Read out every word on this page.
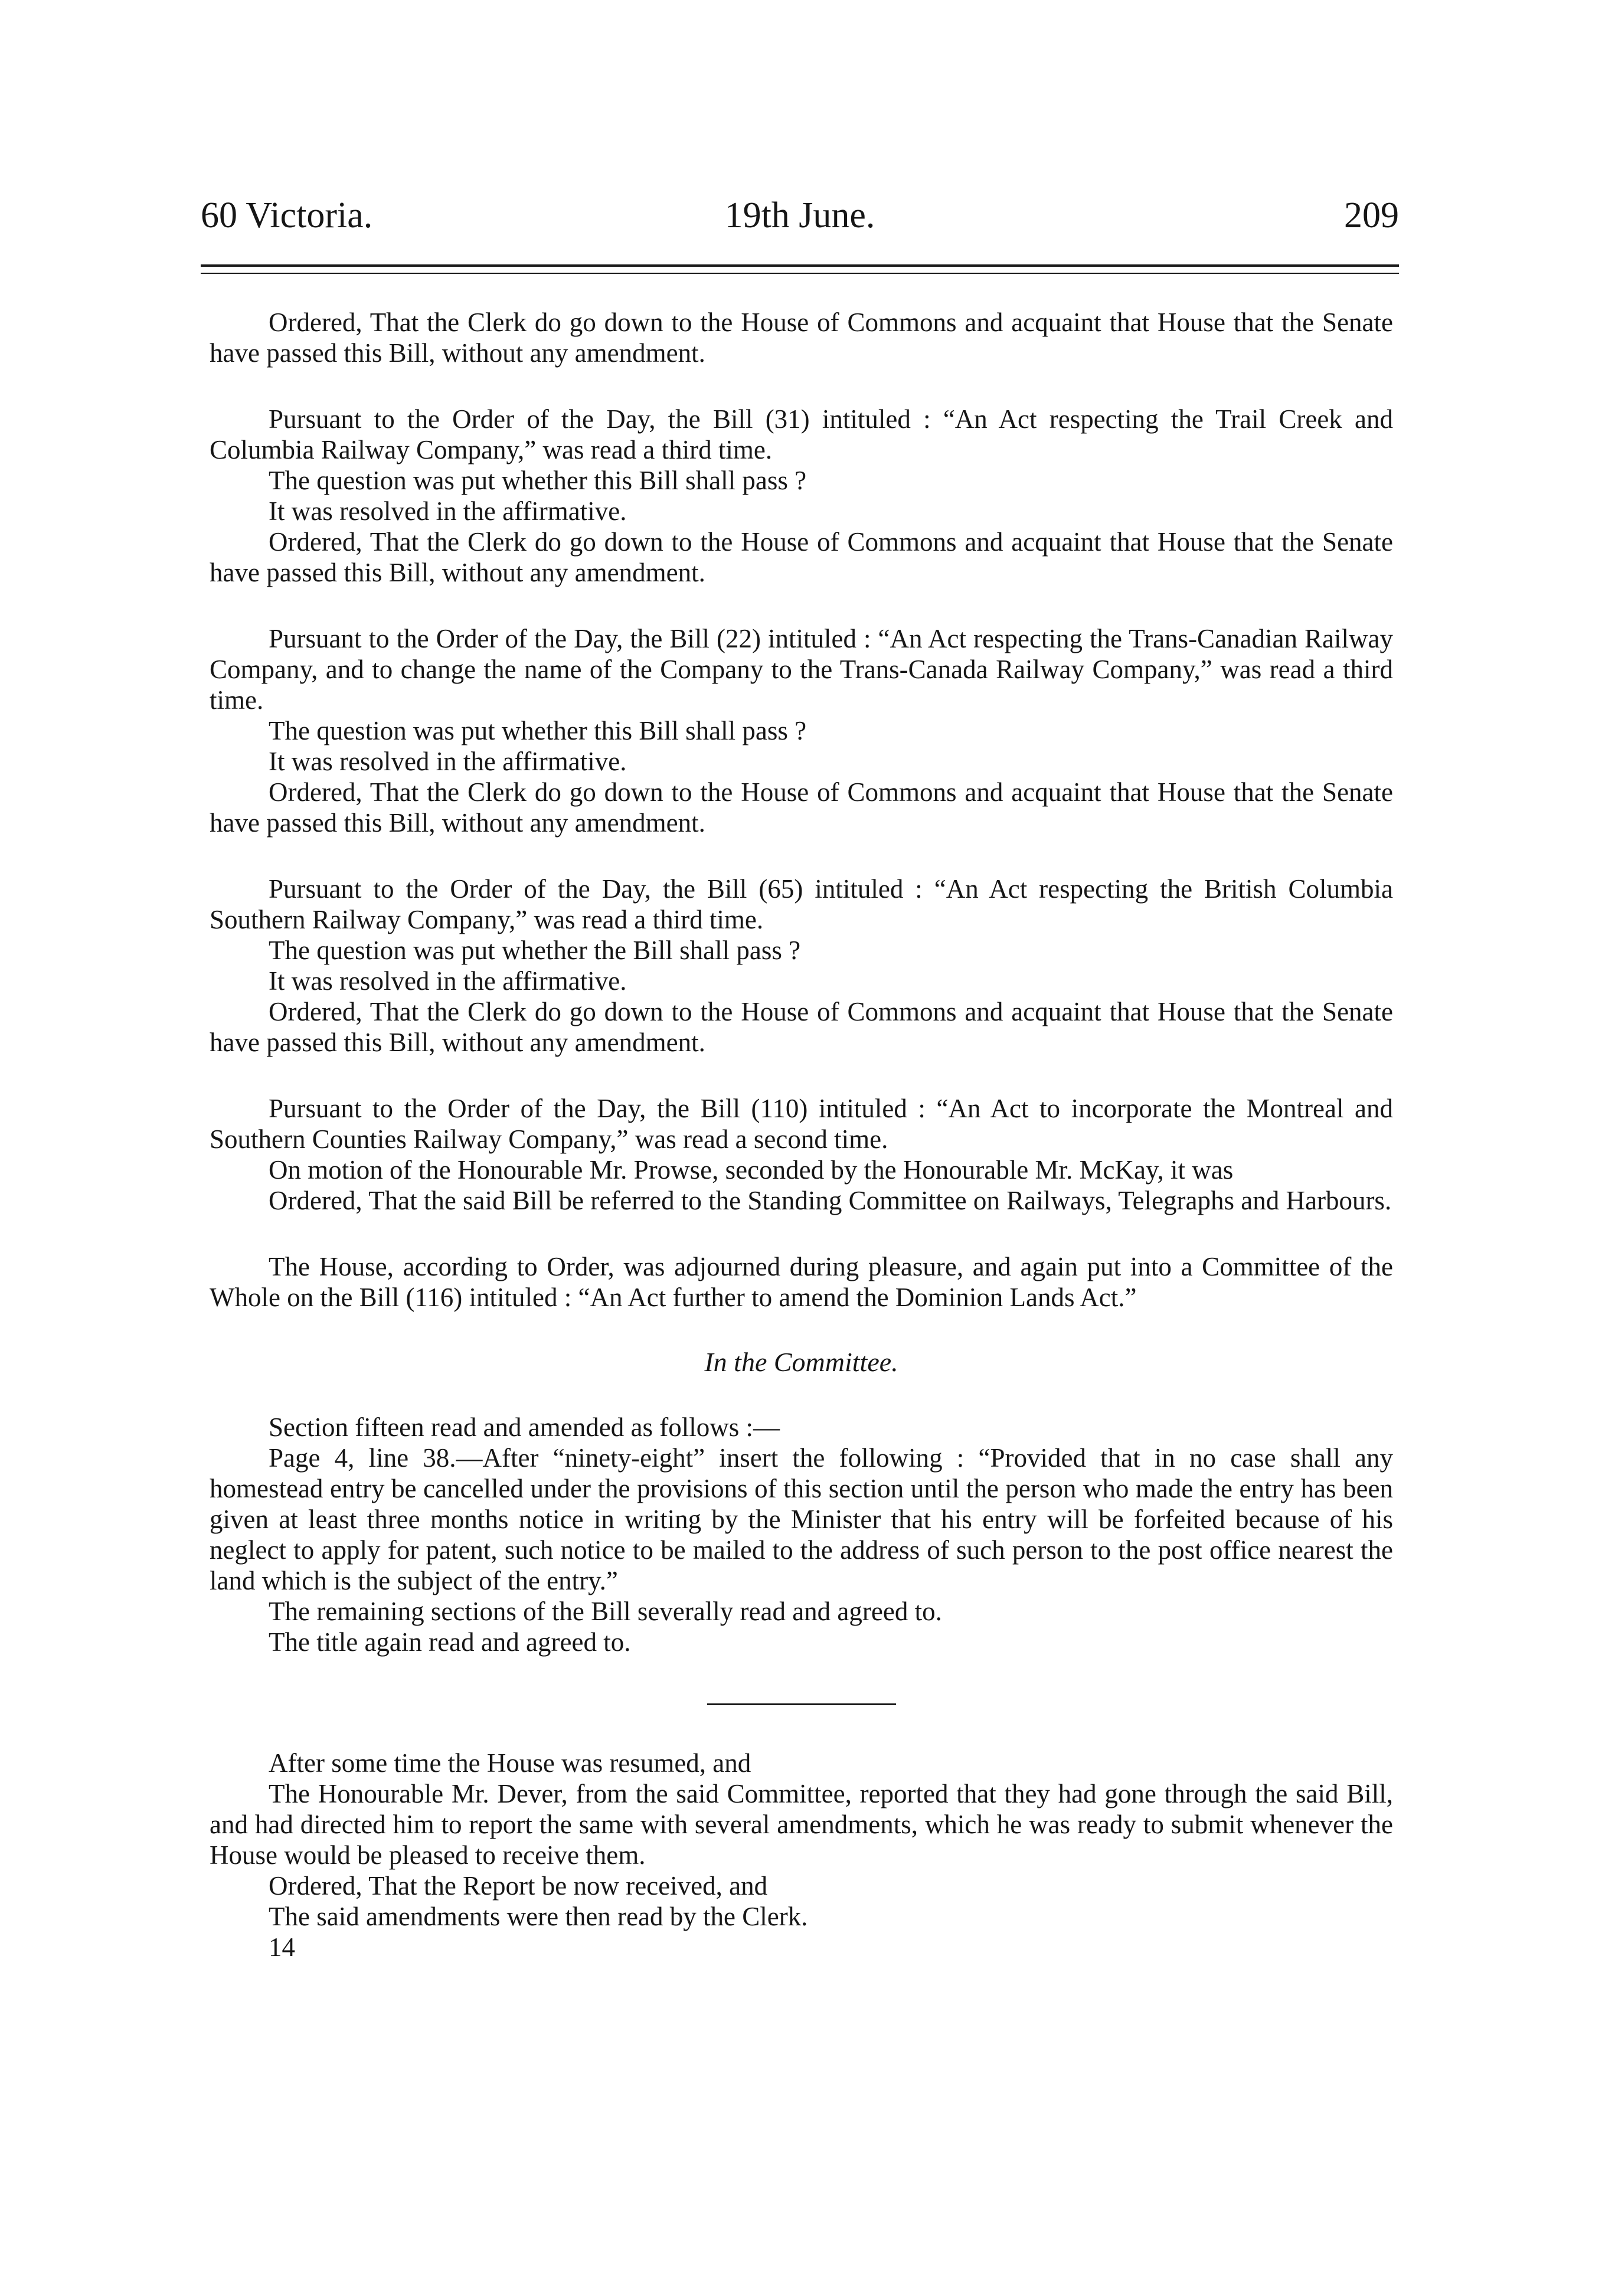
60 Victoria.	19th June.	209

Ordered, That the Clerk do go down to the House of Commons and acquaint that House that the Senate have passed this Bill, without any amendment.

Pursuant to the Order of the Day, the Bill (31) intituled : “An Act respecting the Trail Creek and Columbia Railway Company,” was read a third time.

The question was put whether this Bill shall pass ?

It was resolved in the affirmative.

Ordered, That the Clerk do go down to the House of Commons and acquaint that House that the Senate have passed this Bill, without any amendment.

Pursuant to the Order of the Day, the Bill (22) intituled : “An Act respecting the Trans-Canadian Railway Company, and to change the name of the Company to the Trans-Canada Railway Company,” was read a third time.

The question was put whether this Bill shall pass ?

It was resolved in the affirmative.

Ordered, That the Clerk do go down to the House of Commons and acquaint that House that the Senate have passed this Bill, without any amendment.

Pursuant to the Order of the Day, the Bill (65) intituled : “An Act respecting the British Columbia Southern Railway Company,” was read a third time.

The question was put whether the Bill shall pass ?

It was resolved in the affirmative.

Ordered, That the Clerk do go down to the House of Commons and acquaint that House that the Senate have passed this Bill, without any amendment.

Pursuant to the Order of the Day, the Bill (110) intituled : “An Act to incorporate the Montreal and Southern Counties Railway Company,” was read a second time.

On motion of the Honourable Mr. Prowse, seconded by the Honourable Mr. McKay, it was

Ordered, That the said Bill be referred to the Standing Committee on Railways, Telegraphs and Harbours.

The House, according to Order, was adjourned during pleasure, and again put into a Committee of the Whole on the Bill (116) intituled : “An Act further to amend the Dominion Lands Act.”

In the Committee.

Section fifteen read and amended as follows :—

Page 4, line 38.—After “ninety-eight” insert the following : “Provided that in no case shall any homestead entry be cancelled under the provisions of this section until the person who made the entry has been given at least three months notice in writing by the Minister that his entry will be forfeited because of his neglect to apply for patent, such notice to be mailed to the address of such person to the post office nearest the land which is the subject of the entry.”

The remaining sections of the Bill severally read and agreed to.

The title again read and agreed to.

After some time the House was resumed, and

The Honourable Mr. Dever, from the said Committee, reported that they had gone through the said Bill, and had directed him to report the same with several amendments, which he was ready to submit whenever the House would be pleased to receive them.

Ordered, That the Report be now received, and

The said amendments were then read by the Clerk.

14
